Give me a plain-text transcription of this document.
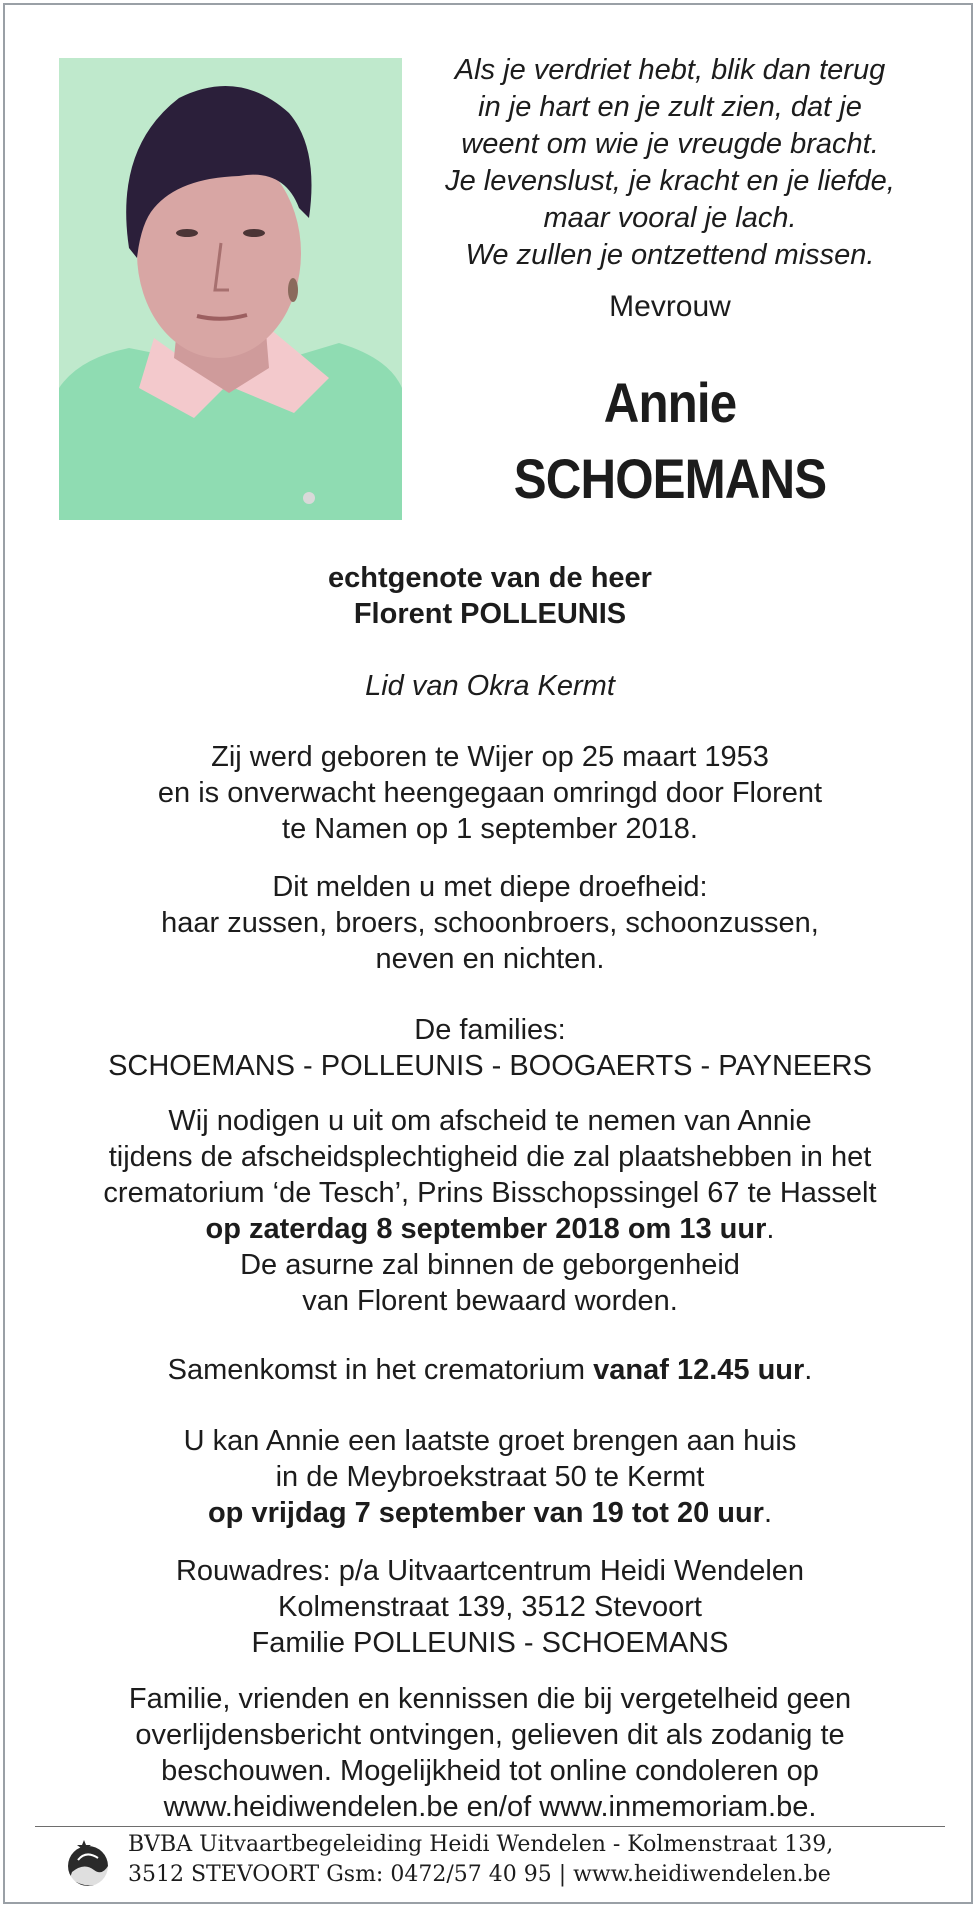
Als je verdriet hebt, blik dan terug
in je hart en je zult zien, dat je
weent om wie je vreugde bracht.
Je levenslust, je kracht en je liefde,
maar vooral je lach.
We zullen je ontzettend missen.
Mevrouw
Annie
SCHOEMANS
echtgenote van de heer
Florent POLLEUNIS
Lid van Okra Kermt
Zij werd geboren te Wijer op 25 maart 1953
en is onverwacht heengegaan omringd door Florent
te Namen op 1 september 2018.
Dit melden u met diepe droefheid:
haar zussen, broers, schoonbroers, schoonzussen,
neven en nichten.
De families:
SCHOEMANS - POLLEUNIS - BOOGAERTS - PAYNEERS
Wij nodigen u uit om afscheid te nemen van Annie
tijdens de afscheidsplechtigheid die zal plaatshebben in het
crematorium ‘de Tesch’, Prins Bisschopssingel 67 te Hasselt
op zaterdag 8 september 2018 om 13 uur.
De asurne zal binnen de geborgenheid
van Florent bewaard worden.
Samenkomst in het crematorium vanaf 12.45 uur.
U kan Annie een laatste groet brengen aan huis
in de Meybroekstraat 50 te Kermt
op vrijdag 7 september van 19 tot 20 uur.
Rouwadres: p/a Uitvaartcentrum Heidi Wendelen
Kolmenstraat 139, 3512 Stevoort
Familie POLLEUNIS - SCHOEMANS
Familie, vrienden en kennissen die bij vergetelheid geen
overlijdensbericht ontvingen, gelieven dit als zodanig te
beschouwen. Mogelijkheid tot online condoleren op
www.heidiwendelen.be en/of www.inmemoriam.be.
BVBA Uitvaartbegeleiding Heidi Wendelen - Kolmenstraat 139,
3512 STEVOORT Gsm: 0472/57 40 95 | www.heidiwendelen.be
